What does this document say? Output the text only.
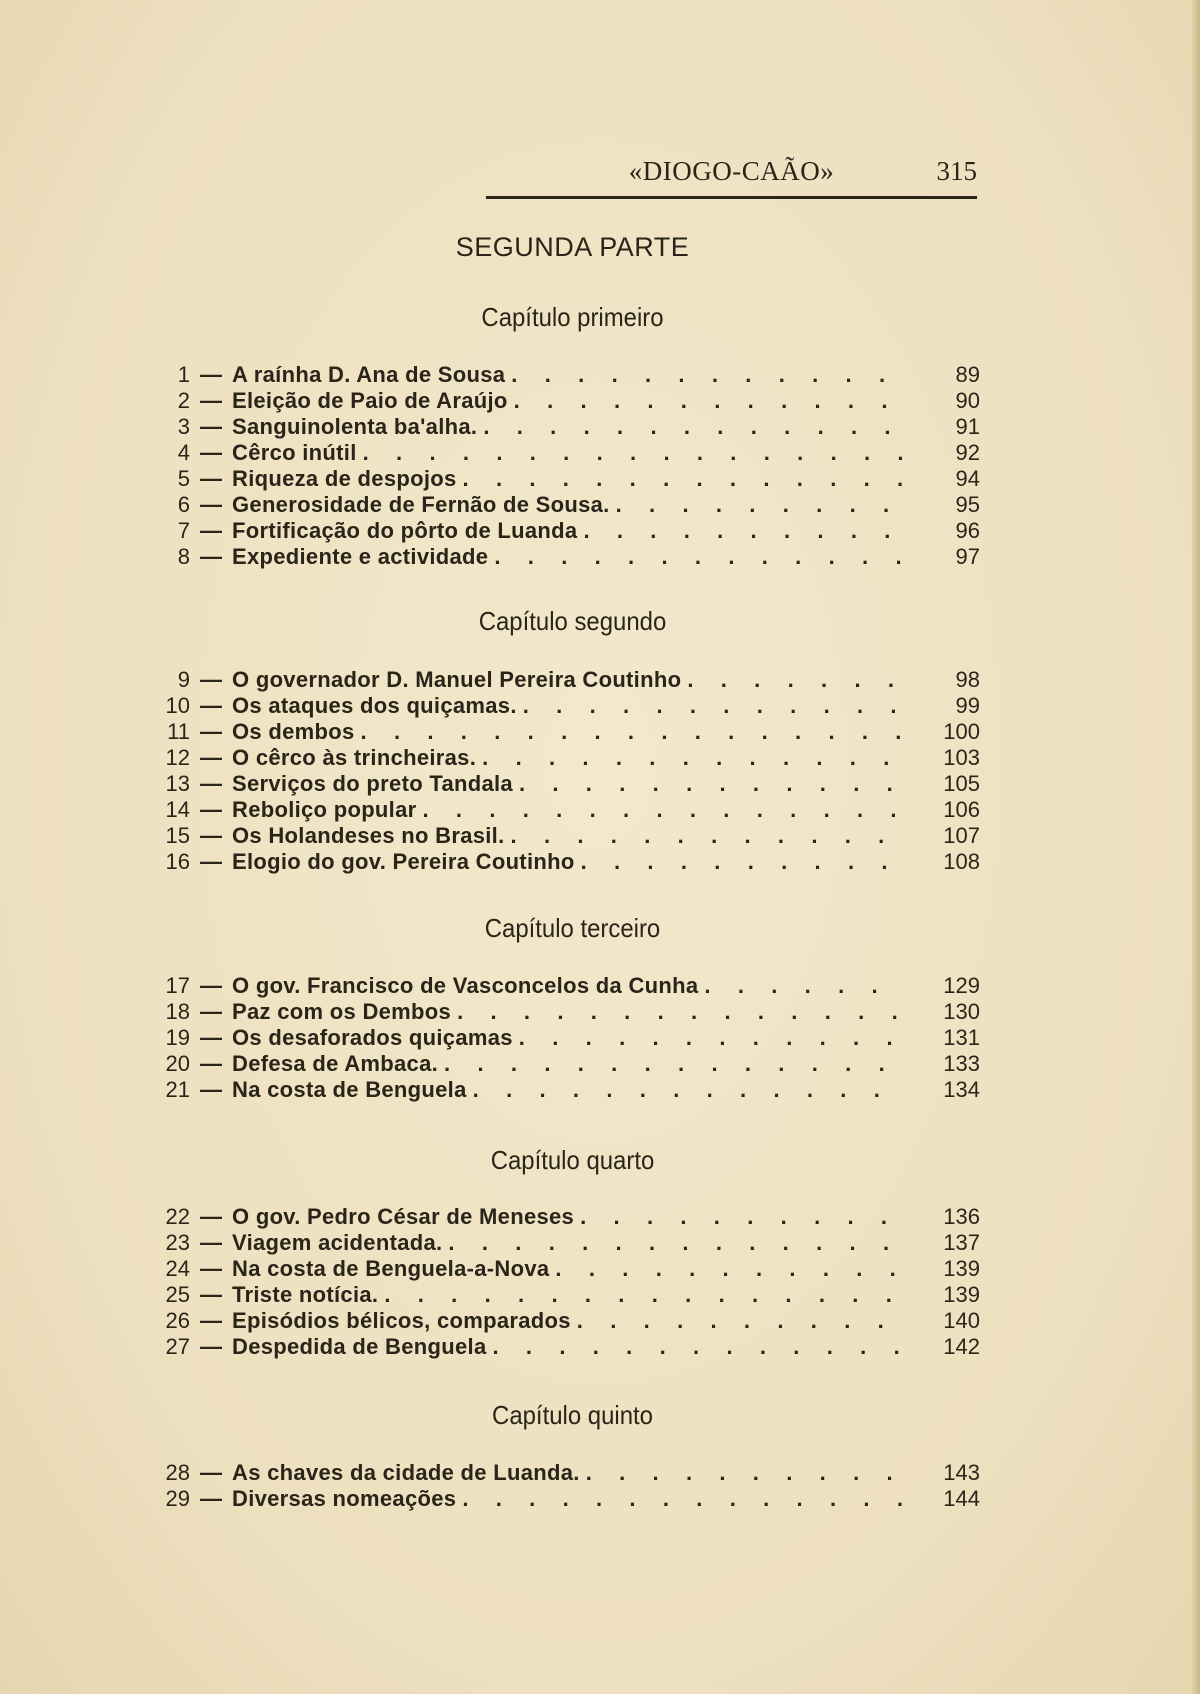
«DIOGO-CAÃO»	315
SEGUNDA PARTE
Capítulo primeiro
1 — A raínha D. Ana de Sousa . . .	89
2 — Eleição de Paio de Araújo . . .	90
3 — Sanguinolenta ba'alha. . . .	91
4 — Cêrco inútil . . .	92
5 — Riqueza de despojos . . .	94
6 — Generosidade de Fernão de Sousa. . . .	95
7 — Fortificação do pôrto de Luanda . . .	96
8 — Expediente e actividade . . .	97
Capítulo segundo
9 — O governador D. Manuel Pereira Coutinho . . .	98
10 — Os ataques dos quiçamas. . . .	99
11 — Os dembos . . .	100
12 — O cêrco às trincheiras. . . .	103
13 — Serviços do preto Tandala . . .	105
14 — Reboliço popular . . .	106
15 — Os Holandeses no Brasil. . . .	107
16 — Elogio do gov. Pereira Coutinho . . .	108
Capítulo terceiro
17 — O gov. Francisco de Vasconcelos da Cunha . . .	129
18 — Paz com os Dembos . . .	130
19 — Os desaforados quiçamas . . .	131
20 — Defesa de Ambaca. . . .	133
21 — Na costa de Benguela . . .	134
Capítulo quarto
22 — O gov. Pedro César de Meneses . . .	136
23 — Viagem acidentada. . . .	137
24 — Na costa de Benguela-a-Nova . . .	139
25 — Triste notícia. . . .	139
26 — Episódios bélicos, comparados . . .	140
27 — Despedida de Benguela . . .	142
Capítulo quinto
28 — As chaves da cidade de Luanda. . . .	143
29 — Diversas nomeações . . .	144
